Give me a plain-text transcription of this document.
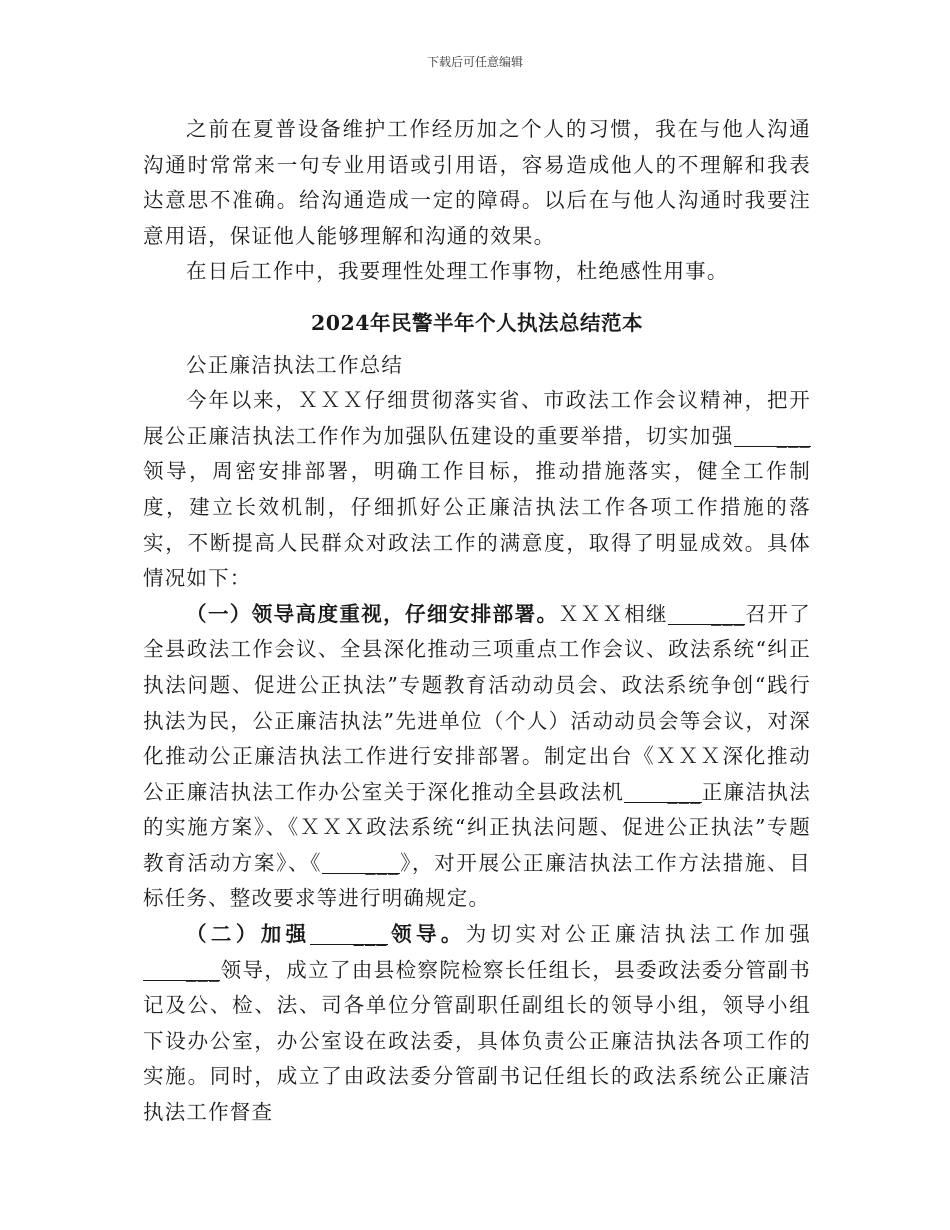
下载后可任意编辑

之前在夏普设备维护工作经历加之个人的习惯，我在与他人沟通沟通时常常来一句专业用语或引用语，容易造成他人的不理解和我表达意思不准确。给沟通造成一定的障碍。以后在与他人沟通时我要注意用语，保证他人能够理解和沟通的效果。

在日后工作中，我要理性处理工作事物，杜绝感性用事。

2024年民警半年个人执法总结范本

公正廉洁执法工作总结

今年以来，ＸＸＸ仔细贯彻落实省、市政法工作会议精神，把开展公正廉洁执法工作作为加强队伍建设的重要举措，切实加强 ___领导，周密安排部署，明确工作目标，推动措施落实，健全工作制度，建立长效机制，仔细抓好公正廉洁执法工作各项工作措施的落实，不断提高人民群众对政法工作的满意度，取得了明显成效。具体情况如下：

（一）领导高度重视，仔细安排部署。ＸＸＸ相继 ___召开了全县政法工作会议、全县深化推动三项重点工作会议、政法系统“纠正执法问题、促进公正执法”专题教育活动动员会、政法系统争创“践行执法为民，公正廉洁执法”先进单位（个人）活动动员会等会议，对深化推动公正廉洁执法工作进行安排部署。制定出台《ＸＸＸ深化推动公正廉洁执法工作办公室关于深化推动全县政法机 ___正廉洁执法的实施方案》、《ＸＸＸ政法系统“纠正执法问题、促进公正执法”专题教育活动方案》、《 ___》，对开展公正廉洁执法工作方法措施、目标任务、整改要求等进行明确规定。

（二）加强 ___领导。为切实对公正廉洁执法工作加强___领导，成立了由县检察院检察长任组长，县委政法委分管副书记及公、检、法、司各单位分管副职任副组长的领导小组，领导小组下设办公室，办公室设在政法委，具体负责公正廉洁执法各项工作的实施。同时，成立了由政法委分管副书记任组长的政法系统公正廉洁执法工作督查
